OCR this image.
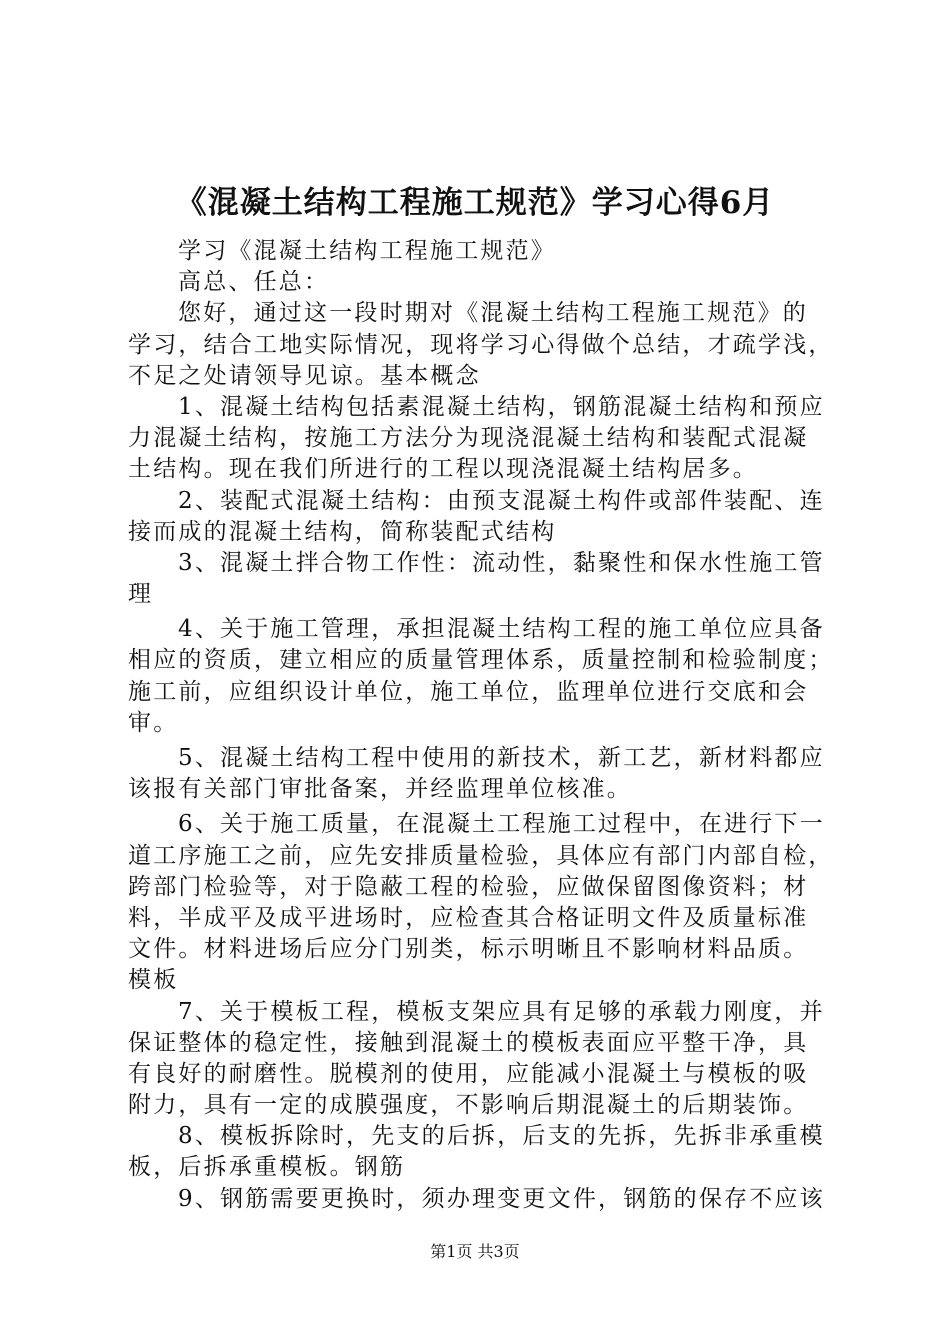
《混凝土结构工程施工规范》学习心得6月
学习《混凝土结构工程施工规范》
高总、任总：
您好，通过这一段时期对《混凝土结构工程施工规范》的
学习，结合工地实际情况，现将学习心得做个总结，才疏学浅，
不足之处请领导见谅。基本概念
1、混凝土结构包括素混凝土结构，钢筋混凝土结构和预应
力混凝土结构，按施工方法分为现浇混凝土结构和装配式混凝
土结构。现在我们所进行的工程以现浇混凝土结构居多。
2、装配式混凝土结构：由预支混凝土构件或部件装配、连
接而成的混凝土结构，简称装配式结构
3、混凝土拌合物工作性：流动性，黏聚性和保水性施工管
理
4、关于施工管理，承担混凝土结构工程的施工单位应具备
相应的资质，建立相应的质量管理体系，质量控制和检验制度；
施工前，应组织设计单位，施工单位，监理单位进行交底和会
审。
5、混凝土结构工程中使用的新技术，新工艺，新材料都应
该报有关部门审批备案，并经监理单位核准。
6、关于施工质量，在混凝土工程施工过程中，在进行下一
道工序施工之前，应先安排质量检验，具体应有部门内部自检，
跨部门检验等，对于隐蔽工程的检验，应做保留图像资料；材
料，半成平及成平进场时，应检查其合格证明文件及质量标准
文件。材料进场后应分门别类，标示明晰且不影响材料品质。
模板
7、关于模板工程，模板支架应具有足够的承载力刚度，并
保证整体的稳定性，接触到混凝土的模板表面应平整干净，具
有良好的耐磨性。脱模剂的使用，应能减小混凝土与模板的吸
附力，具有一定的成膜强度，不影响后期混凝土的后期装饰。
8、模板拆除时，先支的后拆，后支的先拆，先拆非承重模
板，后拆承重模板。钢筋
9、钢筋需要更换时，须办理变更文件，钢筋的保存不应该
第1页 共3页
